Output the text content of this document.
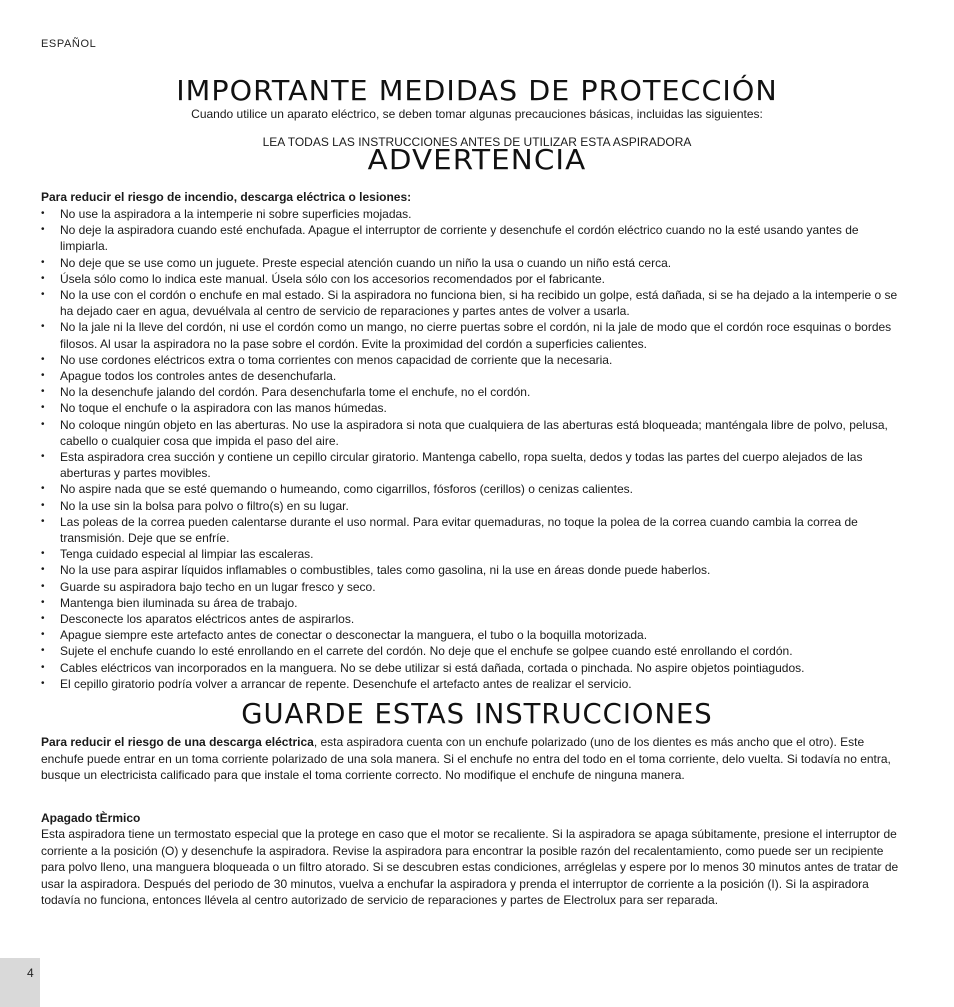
ESPAÑOL
IMPORTANTE MEDIDAS DE PROTECCIÓN

Cuando utilice un aparato eléctrico, se deben tomar algunas precauciones básicas, incluidas las siguientes:

LEA TODAS LAS INSTRUCCIONES ANTES DE UTILIZAR ESTA ASPIRADORA

ADVERTENCIA

Para reducir el riesgo de incendio, descarga eléctrica o lesiones:

• No use la aspiradora a la intemperie ni sobre superficies mojadas.
• No deje la aspiradora cuando esté enchufada. Apague el interruptor de corriente y desenchufe el cordón eléctrico cuando no la esté usando yantes de limpiarla.
• No deje que se use como un juguete. Preste especial atención cuando un niño la usa o cuando un niño está cerca.
• Úsela sólo como lo indica este manual. Úsela sólo con los accesorios recomendados por el fabricante.
• No la use con el cordón o enchufe en mal estado. Si la aspiradora no funciona bien, si ha recibido un golpe, está dañada, si se ha dejado a la intemperie o se ha dejado caer en agua, devuélvala al centro de servicio de reparaciones y partes antes de volver a usarla.
• No la jale ni la lleve del cordón, ni use el cordón como un mango, no cierre puertas sobre el cordón, ni la jale de modo que el cordón roce esquinas o bordes filosos. Al usar la aspiradora no la pase sobre el cordón. Evite la proximidad del cordón a superficies calientes.
• No use cordones eléctricos extra o toma corrientes con menos capacidad de corriente que la necesaria.
• Apague todos los controles antes de desenchufarla.
• No la desenchufe jalando del cordón. Para desenchufarla tome el enchufe, no el cordón.
• No toque el enchufe o la aspiradora con las manos húmedas.
• No coloque ningún objeto en las aberturas. No use la aspiradora si nota que cualquiera de las aberturas está bloqueada; manténgala libre de polvo, pelusa, cabello o cualquier cosa que impida el paso del aire.
• Esta aspiradora crea succión y contiene un cepillo circular giratorio. Mantenga cabello, ropa suelta, dedos y todas las partes del cuerpo alejados de las aberturas y partes movibles.
• No aspire nada que se esté quemando o humeando, como cigarrillos, fósforos (cerillos) o cenizas calientes.
• No la use sin la bolsa para polvo o filtro(s) en su lugar.
• Las poleas de la correa pueden calentarse durante el uso normal. Para evitar quemaduras, no toque la polea de la correa cuando cambia la correa de transmisión. Deje que se enfríe.
• Tenga cuidado especial al limpiar las escaleras.
• No la use para aspirar líquidos inflamables o combustibles, tales como gasolina, ni la use en áreas donde puede haberlos.
• Guarde su aspiradora bajo techo en un lugar fresco y seco.
• Mantenga bien iluminada su área de trabajo.
• Desconecte los aparatos eléctricos antes de aspirarlos.
• Apague siempre este artefacto antes de conectar o desconectar la manguera, el tubo o la boquilla motorizada.
• Sujete el enchufe cuando lo esté enrollando en el carrete del cordón. No deje que el enchufe se golpee cuando esté enrollando el cordón.
• Cables eléctricos van incorporados en la manguera. No se debe utilizar si está dañada, cortada o pinchada. No aspire objetos pointiagudos.
• El cepillo giratorio podría volver a arrancar de repente. Desenchufe el artefacto antes de realizar el servicio.
GUARDE ESTAS INSTRUCCIONES

Para reducir el riesgo de una descarga eléctrica, esta aspiradora cuenta con un enchufe polarizado (uno de los dientes es más ancho que el otro). Este enchufe puede entrar en un toma corriente polarizado de una sola manera. Si el enchufe no entra del todo en el toma corriente, delo vuelta. Si todavía no entra, busque un electricista calificado para que instale el toma corriente correcto. No modifique el enchufe de ninguna manera.

Apagado tÈrmico

Esta aspiradora tiene un termostato especial que la protege en caso que el motor se recaliente. Si la aspiradora se apaga súbitamente, presione el interruptor de corriente a la posición (O) y desenchufe la aspiradora. Revise la aspiradora para encontrar la posible razón del recalentamiento, como puede ser un recipiente para polvo lleno, una manguera bloqueada o un filtro atorado. Si se descubren estas condiciones, arréglelas y espere por lo menos 30 minutos antes de tratar de usar la aspiradora. Después del periodo de 30 minutos, vuelva a enchufar la aspiradora y prenda el interruptor de corriente a la posición (I). Si la aspiradora todavía no funciona, entonces llévela al centro autorizado de servicio de reparaciones y partes de Electrolux para ser reparada.

4
